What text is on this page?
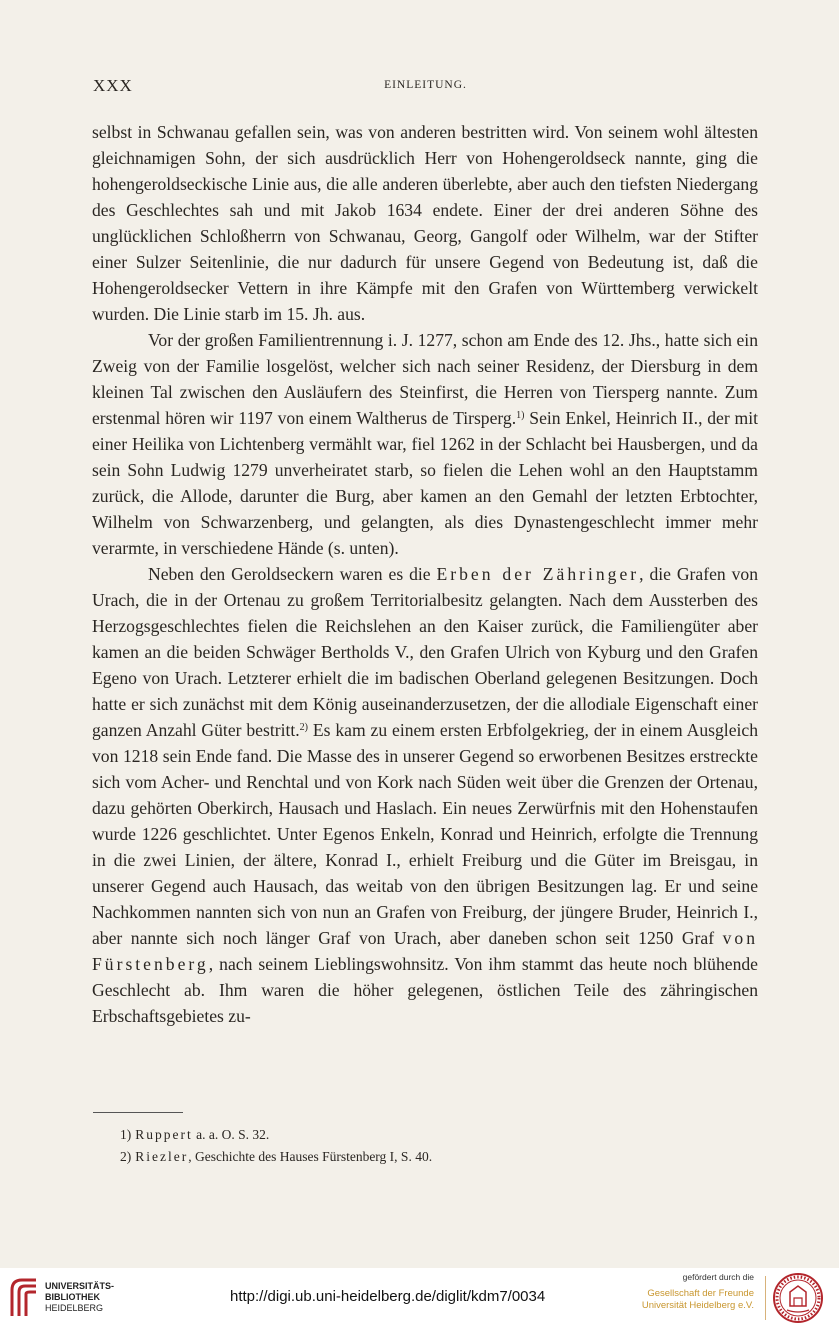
XXX	EINLEITUNG.

selbst in Schwanau gefallen sein, was von anderen bestritten wird. Von seinem wohl ältesten gleichnamigen Sohn, der sich ausdrücklich Herr von Hohengeroldseck nannte, ging die hohengeroldseckische Linie aus, die alle anderen überlebte, aber auch den tiefsten Niedergang des Geschlechtes sah und mit Jakob 1634 endete. Einer der drei anderen Söhne des unglücklichen Schloßherrn von Schwanau, Georg, Gangolf oder Wilhelm, war der Stifter einer Sulzer Seitenlinie, die nur dadurch für unsere Gegend von Bedeutung ist, daß die Hohengeroldsecker Vettern in ihre Kämpfe mit den Grafen von Württemberg verwickelt wurden. Die Linie starb im 15. Jh. aus.

Vor der großen Familientrennung i. J. 1277, schon am Ende des 12. Jhs., hatte sich ein Zweig von der Familie losgelöst, welcher sich nach seiner Residenz, der Diersburg in dem kleinen Tal zwischen den Ausläufern des Steinfirst, die Herren von Tiersperg nannte. Zum erstenmal hören wir 1197 von einem Waltherus de Tirsperg.$^{1)}$ Sein Enkel, Heinrich II., der mit einer Heilika von Lichtenberg vermählt war, fiel 1262 in der Schlacht bei Hausbergen, und da sein Sohn Ludwig 1279 unverheiratet starb, so fielen die Lehen wohl an den Hauptstamm zurück, die Allode, darunter die Burg, aber kamen an den Gemahl der letzten Erbtochter, Wilhelm von Schwarzenberg, und gelangten, als dies Dynastengeschlecht immer mehr verarmte, in verschiedene Hände (s. unten).

Neben den Geroldseckern waren es die Erben der Zähringer, die Grafen von Urach, die in der Ortenau zu großem Territorialbesitz gelangten. Nach dem Aussterben des Herzogsgeschlechtes fielen die Reichslehen an den Kaiser zurück, die Familiengüter aber kamen an die beiden Schwäger Bertholds V., den Grafen Ulrich von Kyburg und den Grafen Egeno von Urach. Letzterer erhielt die im badischen Oberland gelegenen Besitzungen. Doch hatte er sich zunächst mit dem König auseinanderzusetzen, der die allodiale Eigenschaft einer ganzen Anzahl Güter bestritt.$^{2)}$ Es kam zu einem ersten Erbfolgekrieg, der in einem Ausgleich von 1218 sein Ende fand. Die Masse des in unserer Gegend so erworbenen Besitzes erstreckte sich vom Acher- und Renchtal und von Kork nach Süden weit über die Grenzen der Ortenau, dazu gehörten Oberkirch, Hausach und Haslach. Ein neues Zerwürfnis mit den Hohenstaufen wurde 1226 geschlichtet. Unter Egenos Enkeln, Konrad und Heinrich, erfolgte die Trennung in die zwei Linien, der ältere, Konrad I., erhielt Freiburg und die Güter im Breisgau, in unserer Gegend auch Hausach, das weitab von den übrigen Besitzungen lag. Er und seine Nachkommen nannten sich von nun an Grafen von Freiburg, der jüngere Bruder, Heinrich I., aber nannte sich noch länger Graf von Urach, aber daneben schon seit 1250 Graf von Fürstenberg, nach seinem Lieblingswohnsitz. Von ihm stammt das heute noch blühende Geschlecht ab. Ihm waren die höher gelegenen, östlichen Teile des zähringischen Erbschaftsgebietes zu-

1) Ruppert a. a. O. S. 32.
2) Riezler, Geschichte des Hauses Fürstenberg I, S. 40.
UNIVERSITÄTS-
BIBLIOTHEK
HEIDELBERG
http://digi.ub.uni-heidelberg.de/diglit/kdm7/0034
gefördert durch die
Gesellschaft der Freunde
Universität Heidelberg e.V.
